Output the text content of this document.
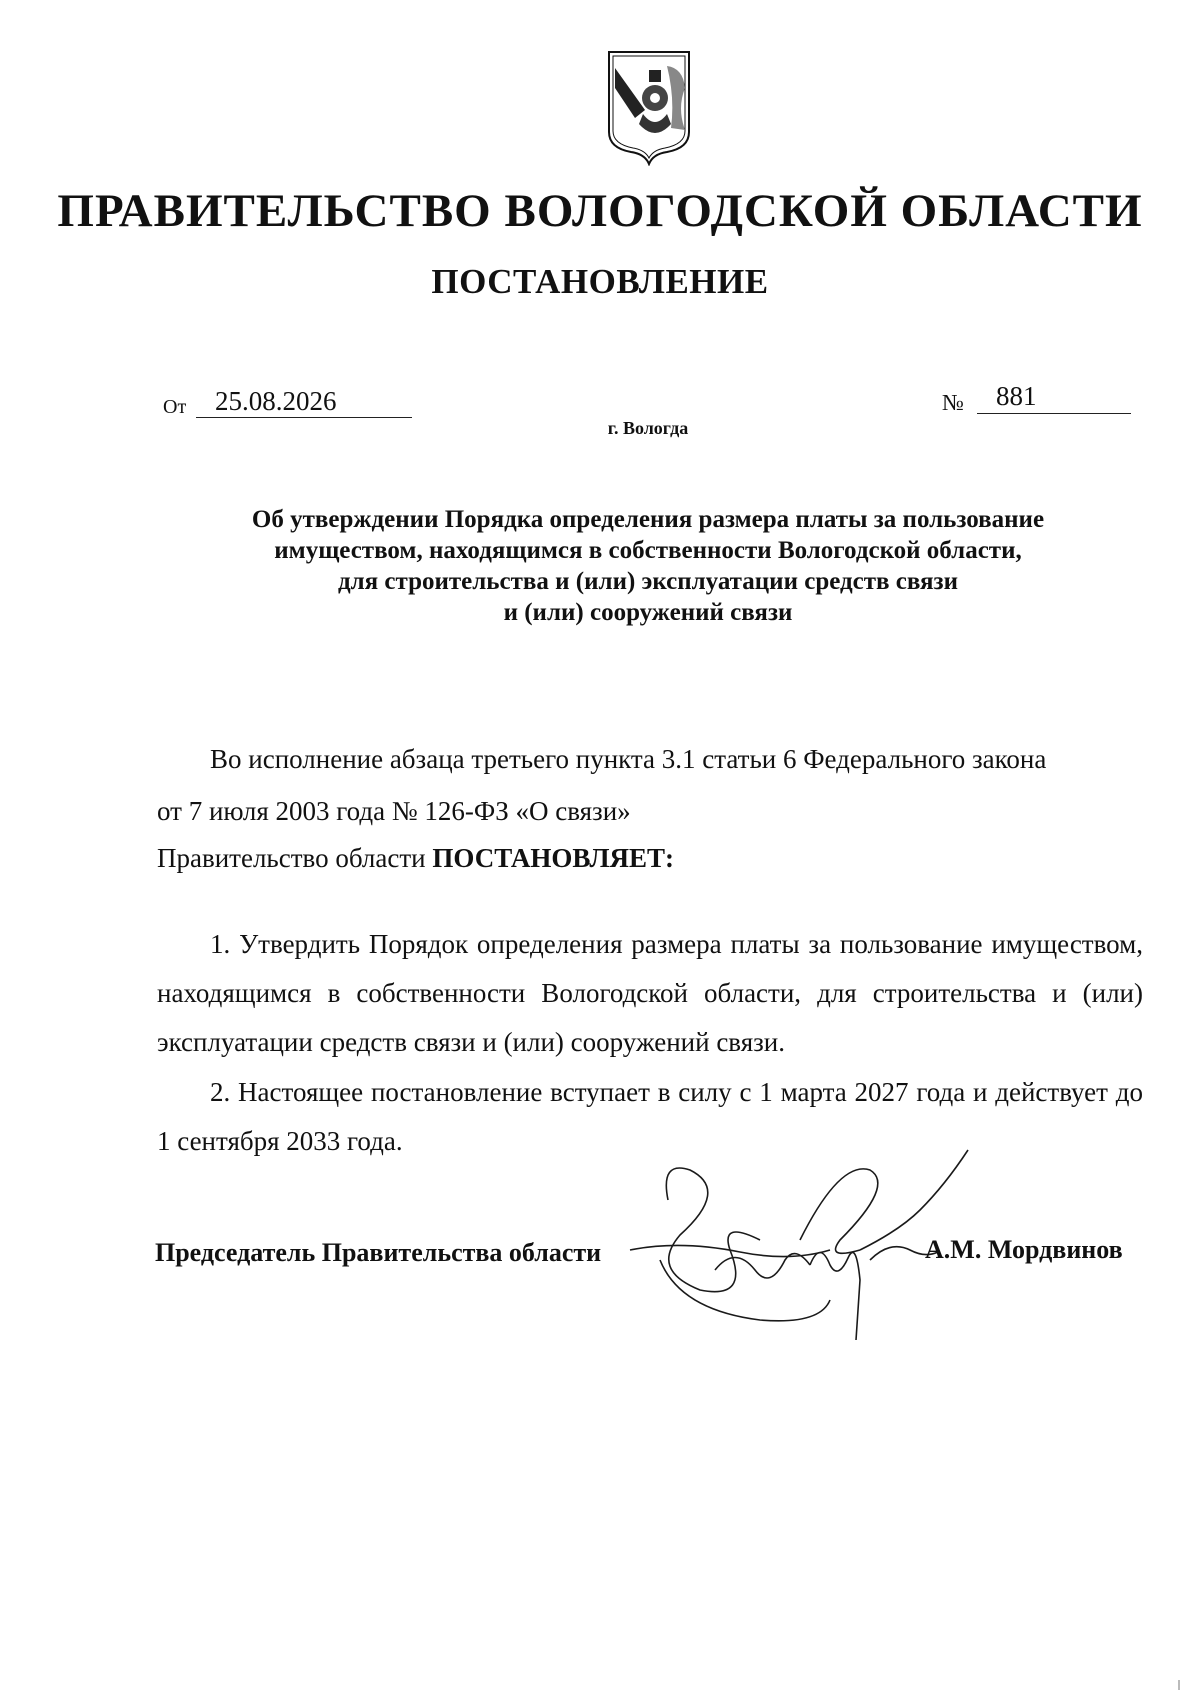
ПРАВИТЕЛЬСТВО ВОЛОГОДСКОЙ ОБЛАСТИ
ПОСТАНОВЛЕНИЕ
От 25.08.2026	№ 881
г. Вологда
Об утверждении Порядка определения размера платы за пользование
имуществом, находящимся в собственности Вологодской области,
для строительства и (или) эксплуатации средств связи
и (или) сооружений связи
Во исполнение абзаца третьего пункта 3.1 статьи 6 Федерального закона
от 7 июля 2003 года № 126-ФЗ «О связи»
Правительство области ПОСТАНОВЛЯЕТ:
1. Утвердить Порядок определения размера платы за пользование имуществом, находящимся в собственности Вологодской области, для строительства и (или) эксплуатации средств связи и (или) сооружений связи.
2. Настоящее постановление вступает в силу с 1 марта 2027 года и действует до 1 сентября 2033 года.
Председатель Правительства области	А.М. Мордвинов
